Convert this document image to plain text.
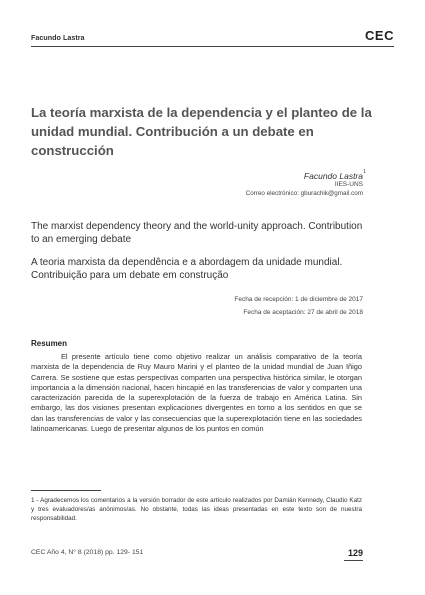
Facundo Lastra	CEC
La teoría marxista de la dependencia y el planteo de la unidad mundial. Contribución a un debate en construcción
Facundo Lastra 1
IIES-UNS
Correo electrónico: gburachik@gmail.com

The marxist dependency theory and the world-unity approach. Contribution to an emerging debate

A teoria marxista da dependência e a abordagem da unidade mundial. Contribuição para um debate em construção

Fecha de recepción: 1 de diciembre de 2017
Fecha de aceptación: 27 de abril de 2018
Resumen

El presente artículo tiene como objetivo realizar un análisis comparativo de la teoría marxista de la dependencia de Ruy Mauro Marini y el planteo de la unidad mundial de Juan Iñigo Carrera. Se sostiene que estas perspectivas comparten una perspectiva histórica similar, le otorgan importancia a la dimensión nacional, hacen hincapié en las transferencias de valor y comparten una caracterización parecida de la superexplotación de la fuerza de trabajo en América Latina. Sin embargo, las dos visiones presentan explicaciones divergentes en torno a los sentidos en que se dan las transferencias de valor y las consecuencias que la superexplotación tiene en las sociedades latinoamericanas. Luego de presentar algunos de los puntos en común

1 - Agradecemos los comentarios a la versión borrador de este artículo realizados por Damián Kennedy, Claudio Katz y tres evaluadores/as anónimos/as. No obstante, todas las ideas presentadas en este texto son de nuestra responsabilidad.

CEC Año 4, N° 8 (2018) pp. 129- 151	129
